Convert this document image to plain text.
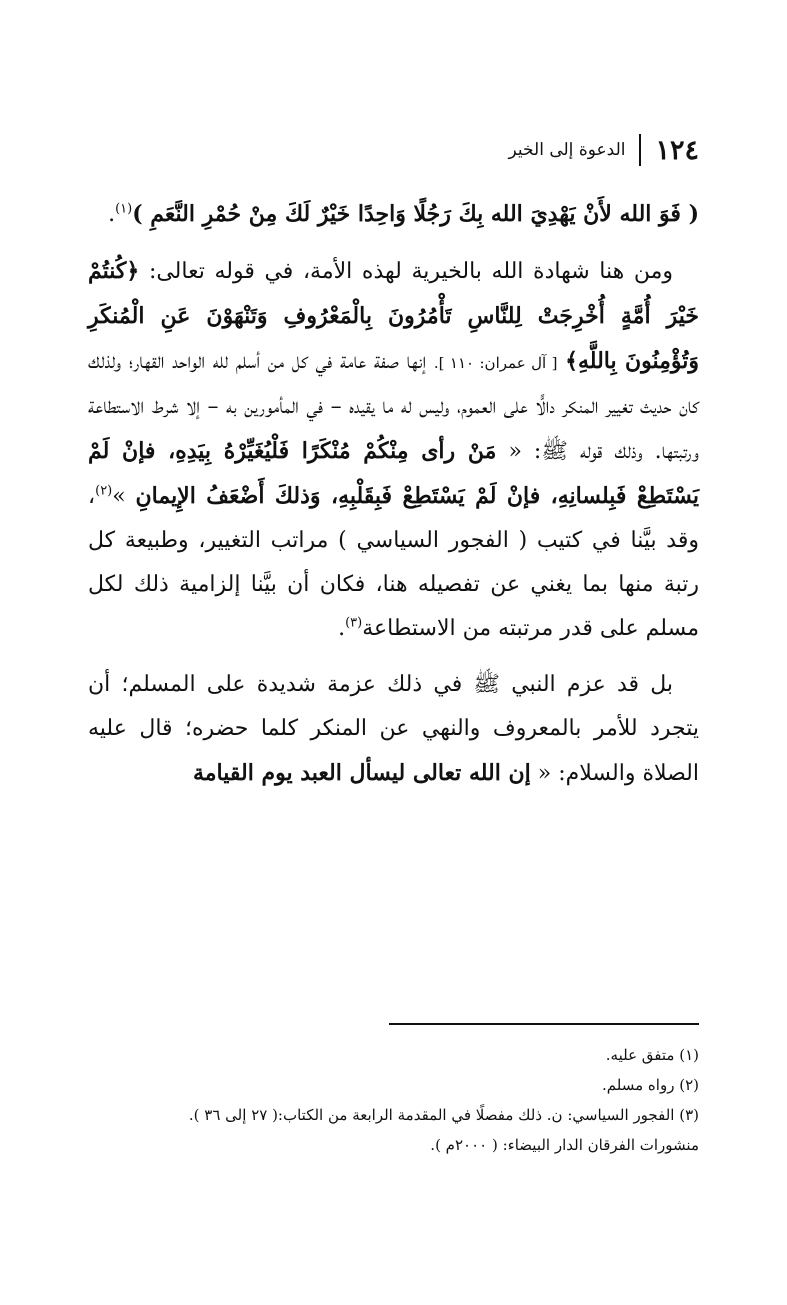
١٢٤
الدعوة إلى الخير

( فَوَ الله لأَنْ يَهْدِيَ الله بِكَ رَجُلًا وَاحِدًا خَيْرٌ لَكَ مِنْ حُمْرِ النَّعَمِ )$^{(١)}$.

ومن هنا شهادة الله بالخيرية لهذه الأمة، في قوله تعالى: ﴿كُنتُمْ خَيْرَ أُمَّةٍ أُخْرِجَتْ لِلنَّاسِ تَأْمُرُونَ بِالْمَعْرُوفِ وَتَنْهَوْنَ عَنِ الْمُنكَرِ وَتُؤْمِنُونَ بِاللَّهِ﴾ [ آل عمران: ١١٠ ]. إنها صفة عامة في كل من أسلم لله الواحد القهار؛ ولذلك كان حديث تغيير المنكر دالًّا على العموم، وليس له ما يقيده – في المأمورين به – إلا شرط الاستطاعة ورتبتها. وذلك قوله ﷺ: « مَنْ رأى مِنْكُمْ مُنْكَرًا فَلْيُغَيِّرْهُ بِيَدِهِ، فإنْ لَمْ يَسْتَطِعْ فَبِلسانِهِ، فإنْ لَمْ يَسْتَطِعْ فَبِقَلْبِهِ، وَذلكَ أَضْعَفُ الإِيمانِ »$^{(٢)}$، وقد بيَّنا في كتيب ( الفجور السياسي ) مراتب التغيير، وطبيعة كل رتبة منها بما يغني عن تفصيله هنا، فكان أن بيَّنا إلزامية ذلك لكل مسلم على قدر مرتبته من الاستطاعة$^{(٣)}$.

بل قد عزم النبي ﷺ في ذلك عزمة شديدة على المسلم؛ أن يتجرد للأمر بالمعروف والنهي عن المنكر كلما حضره؛ قال عليه الصلاة والسلام: « إن الله تعالى ليسأل العبد يوم القيامة

(١) متفق عليه.

(٢) رواه مسلم.

(٣) الفجور السياسي: ن. ذلك مفصلًا في المقدمة الرابعة من الكتاب:( ٢٧ إلى ٣٦ ).

منشورات الفرقان الدار البيضاء: ( ٢٠٠٠م ).
